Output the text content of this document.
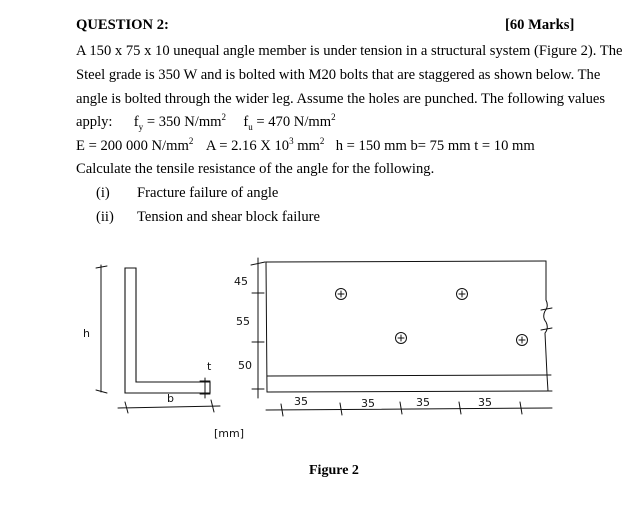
QUESTION 2:	[60 Marks]
A 150 x 75 x 10 unequal angle member is under tension in a structural system (Figure 2). The
Steel grade is 350 W and is bolted with M20 bolts that are staggered as shown below. The
angle is bolted through the wider leg. Assume the holes are punched. The following values
apply: $f_y = 350$ $N/mm^2$ $f_u = 470$ $N/mm^2$
E = 200 000 $N/mm^2$ A = 2.16 X $10^3$ $mm^2$ h = 150 mm b= 75 mm t = 10 mm
Calculate the tensile resistance of the angle for the following.
(i) Fracture failure of angle
(ii) Tension and shear block failure
h
b
t
45
55
50
35	35	35	35
[mm]
Figure 2
